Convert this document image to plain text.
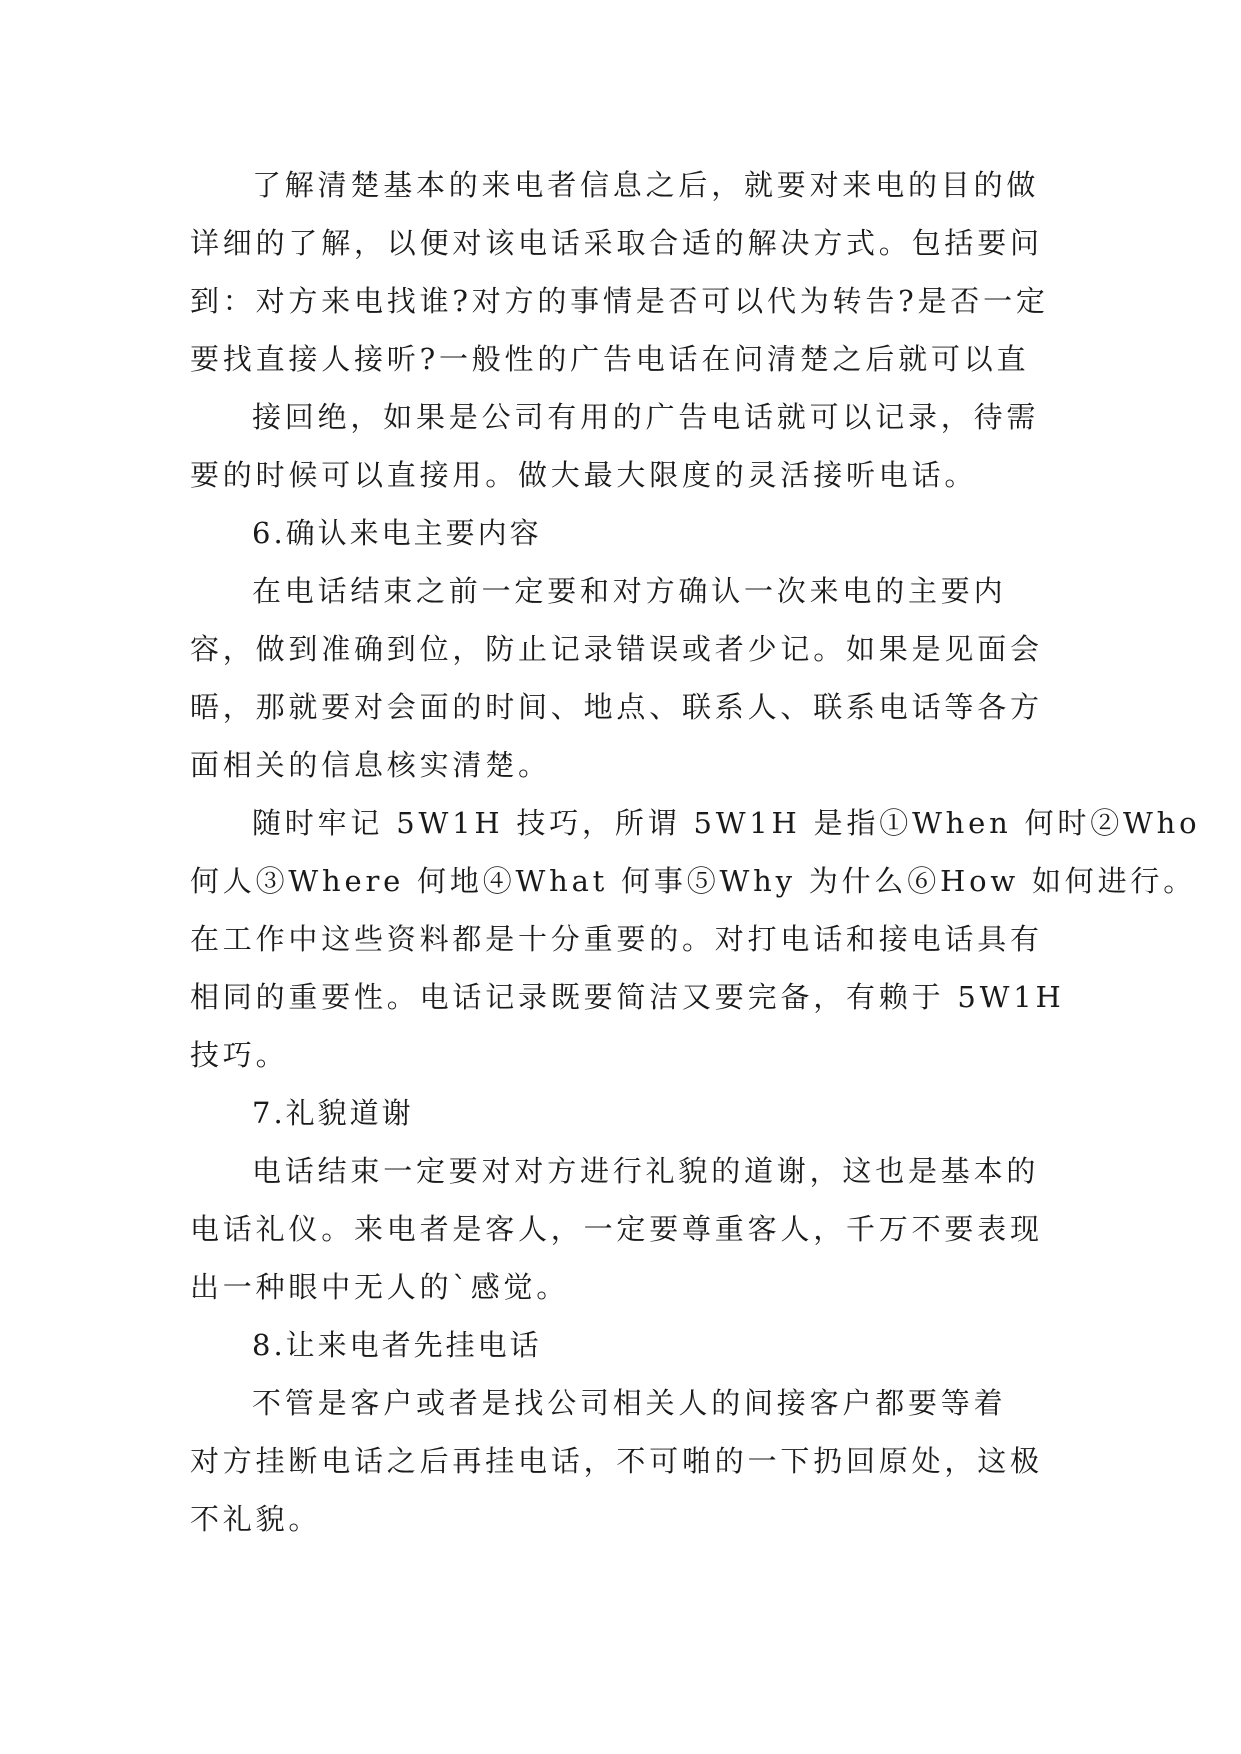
了解清楚基本的来电者信息之后，就要对来电的目的做
详细的了解，以便对该电话采取合适的解决方式。包括要问
到：对方来电找谁?对方的事情是否可以代为转告?是否一定
要找直接人接听?一般性的广告电话在问清楚之后就可以直
接回绝，如果是公司有用的广告电话就可以记录，待需
要的时候可以直接用。做大最大限度的灵活接听电话。
6.确认来电主要内容
在电话结束之前一定要和对方确认一次来电的主要内
容，做到准确到位，防止记录错误或者少记。如果是见面会
晤，那就要对会面的时间、地点、联系人、联系电话等各方
面相关的信息核实清楚。
随时牢记 5W1H 技巧，所谓 5W1H 是指①When 何时②Who
何人③Where 何地④What 何事⑤Why 为什么⑥How 如何进行。
在工作中这些资料都是十分重要的。对打电话和接电话具有
相同的重要性。电话记录既要简洁又要完备，有赖于 5W1H
技巧。
7.礼貌道谢
电话结束一定要对对方进行礼貌的道谢，这也是基本的
电话礼仪。来电者是客人，一定要尊重客人，千万不要表现
出一种眼中无人的`感觉。
8.让来电者先挂电话
不管是客户或者是找公司相关人的间接客户都要等着
对方挂断电话之后再挂电话，不可啪的一下扔回原处，这极
不礼貌。
